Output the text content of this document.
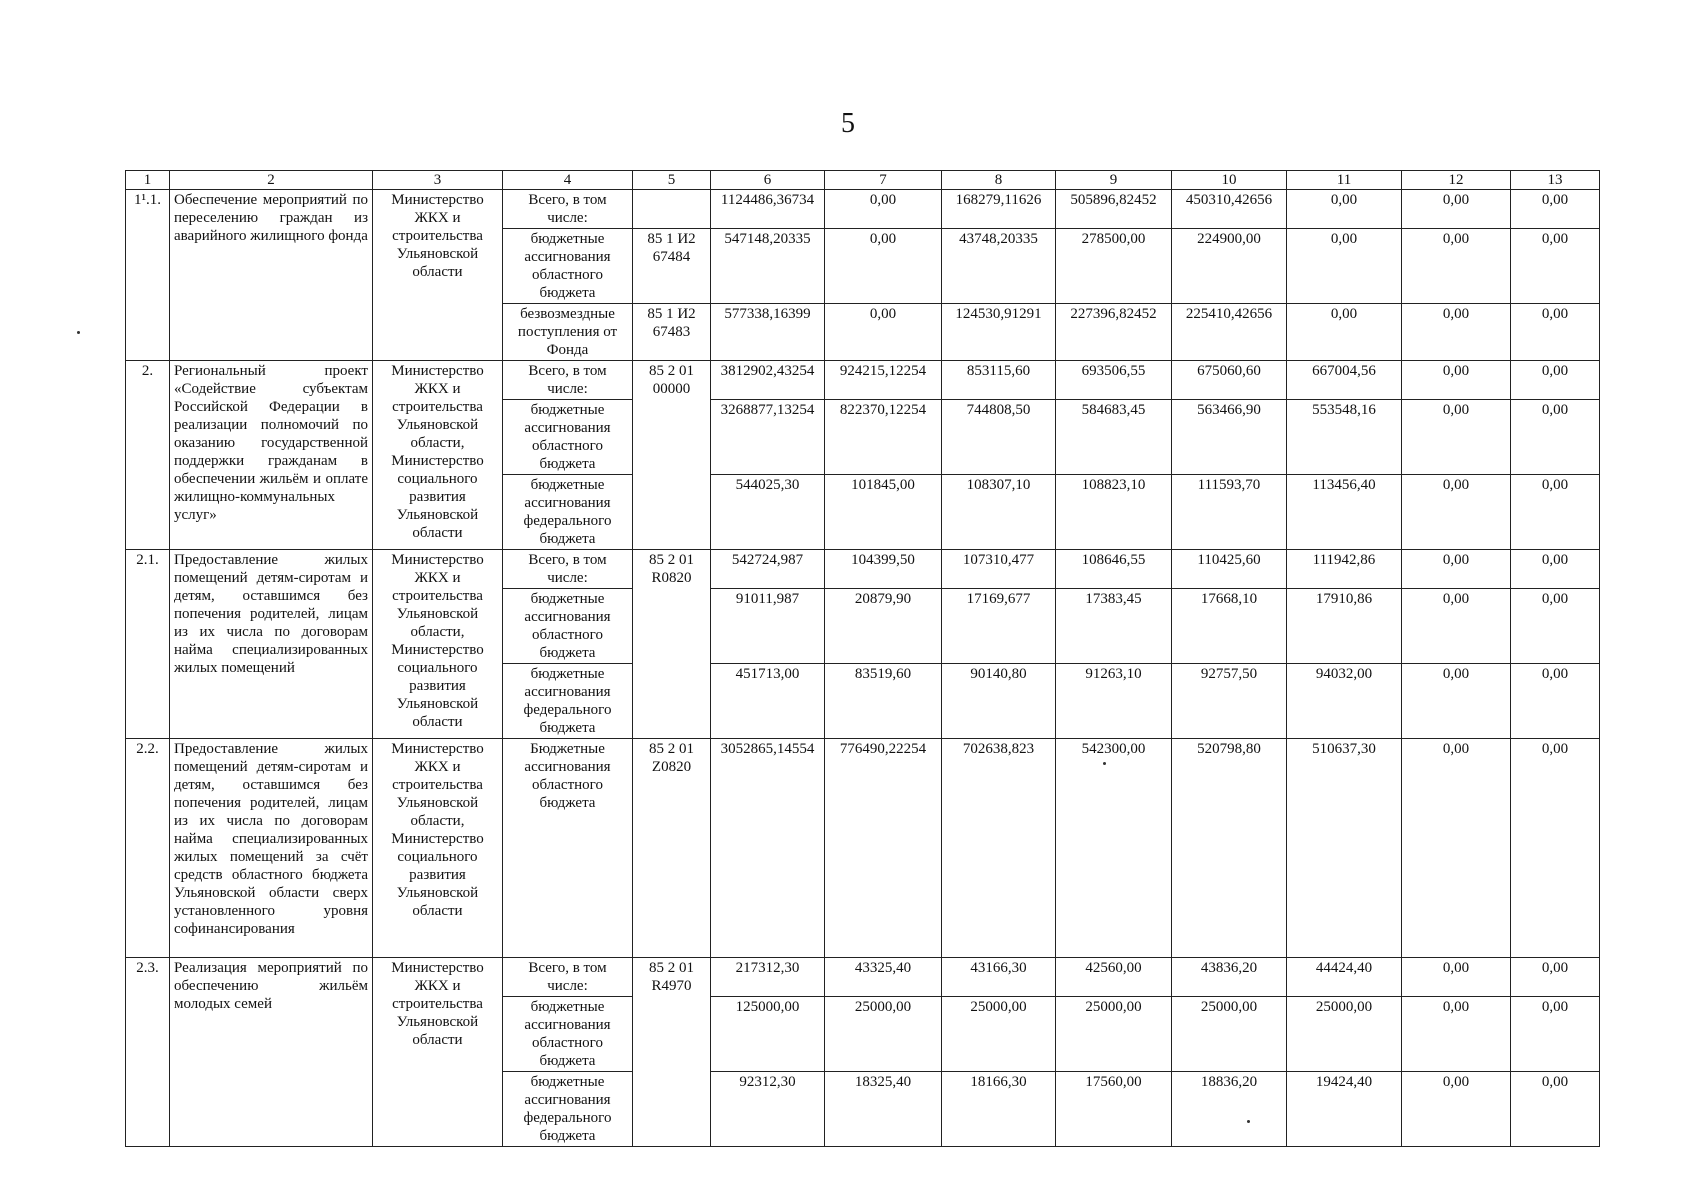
5
1	2	3	4	5	6	7	8	9	10	11	12	13
1¹.1.	Обеспечение мероприятий по переселению граждан из аварийного жилищного фонда	Министерство ЖКХ и строительства Ульяновской области	Всего, в том числе:		1124486,36734	0,00	168279,11626	505896,82452	450310,42656	0,00	0,00	0,00
			бюджетные ассигнования областного бюджета	85 1 И2 67484	547148,20335	0,00	43748,20335	278500,00	224900,00	0,00	0,00	0,00
			безвозмездные поступления от Фонда	85 1 И2 67483	577338,16399	0,00	124530,91291	227396,82452	225410,42656	0,00	0,00	0,00
2.	Региональный проект «Содействие субъектам Российской Федерации в реализации полномочий по оказанию государственной поддержки гражданам в обеспечении жильём и оплате жилищно-коммунальных услуг»	Министерство ЖКХ и строительства Ульяновской области, Министерство социального развития Ульяновской области	Всего, в том числе:	85 2 01 00000	3812902,43254	924215,12254	853115,60	693506,55	675060,60	667004,56	0,00	0,00
			бюджетные ассигнования областного бюджета		3268877,13254	822370,12254	744808,50	584683,45	563466,90	553548,16	0,00	0,00
			бюджетные ассигнования федерального бюджета		544025,30	101845,00	108307,10	108823,10	111593,70	113456,40	0,00	0,00
2.1.	Предоставление жилых помещений детям-сиротам и детям, оставшимся без попечения родителей, лицам из их числа по договорам найма специализированных жилых помещений	Министерство ЖКХ и строительства Ульяновской области, Министерство социального развития Ульяновской области	Всего, в том числе:	85 2 01 R0820	542724,987	104399,50	107310,477	108646,55	110425,60	111942,86	0,00	0,00
			бюджетные ассигнования областного бюджета		91011,987	20879,90	17169,677	17383,45	17668,10	17910,86	0,00	0,00
			бюджетные ассигнования федерального бюджета		451713,00	83519,60	90140,80	91263,10	92757,50	94032,00	0,00	0,00
2.2.	Предоставление жилых помещений детям-сиротам и детям, оставшимся без попечения родителей, лицам из их числа по договорам найма специализированных жилых помещений за счёт средств областного бюджета Ульяновской области сверх установленного уровня софинансирования	Министерство ЖКХ и строительства Ульяновской области, Министерство социального развития Ульяновской области	Бюджетные ассигнования областного бюджета	85 2 01 Z0820	3052865,14554	776490,22254	702638,823	542300,00	520798,80	510637,30	0,00	0,00
2.3.	Реализация мероприятий по обеспечению жильём молодых семей	Министерство ЖКХ и строительства Ульяновской области	Всего, в том числе:	85 2 01 R4970	217312,30	43325,40	43166,30	42560,00	43836,20	44424,40	0,00	0,00
			бюджетные ассигнования областного бюджета		125000,00	25000,00	25000,00	25000,00	25000,00	25000,00	0,00	0,00
			бюджетные ассигнования федерального бюджета		92312,30	18325,40	18166,30	17560,00	18836,20	19424,40	0,00	0,00
